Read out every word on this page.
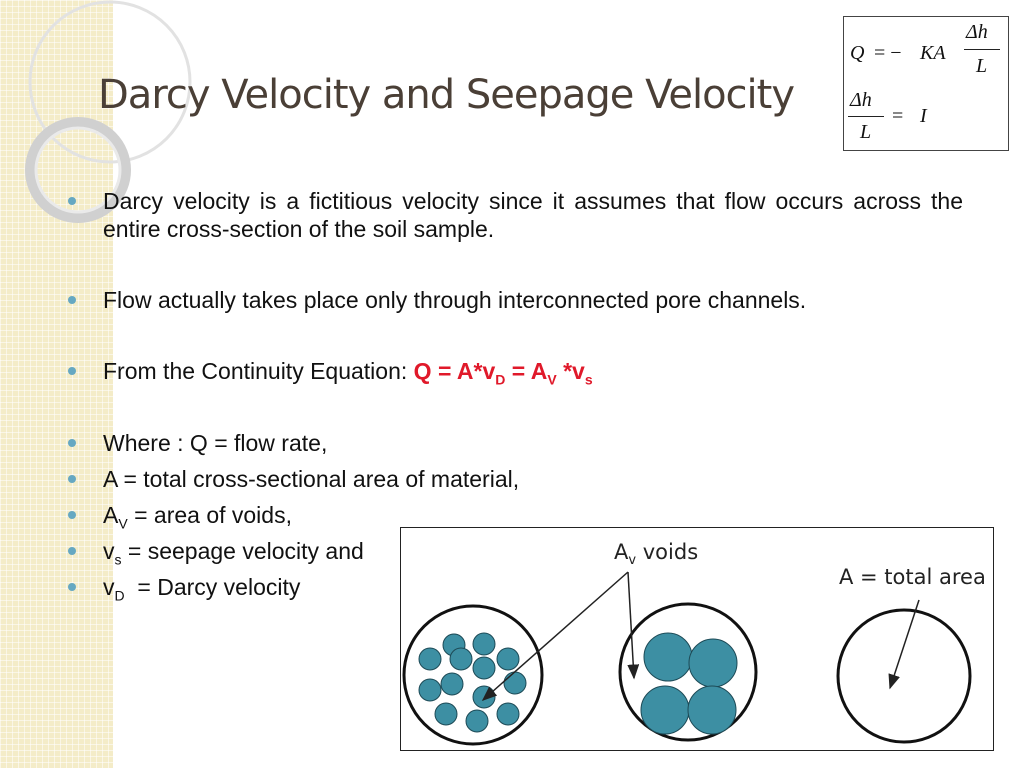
Darcy Velocity and Seepage Velocity
Q = − KA
Δh
L
Δh
L
= I
Darcy velocity is a fictitious velocity since it assumes that flow occurs across the entire cross-section of the soil sample.
Flow actually takes place only through interconnected pore channels.
From the Continuity Equation: $Q = A*v_D = A_V$ $*v_s$
Where : Q = flow rate,
A = total cross-sectional area of material,
$A_V$ = area of voids,
$v_s$ = seepage velocity and
$v_D$  = Darcy velocity
$A_v$ voids
A = total area
